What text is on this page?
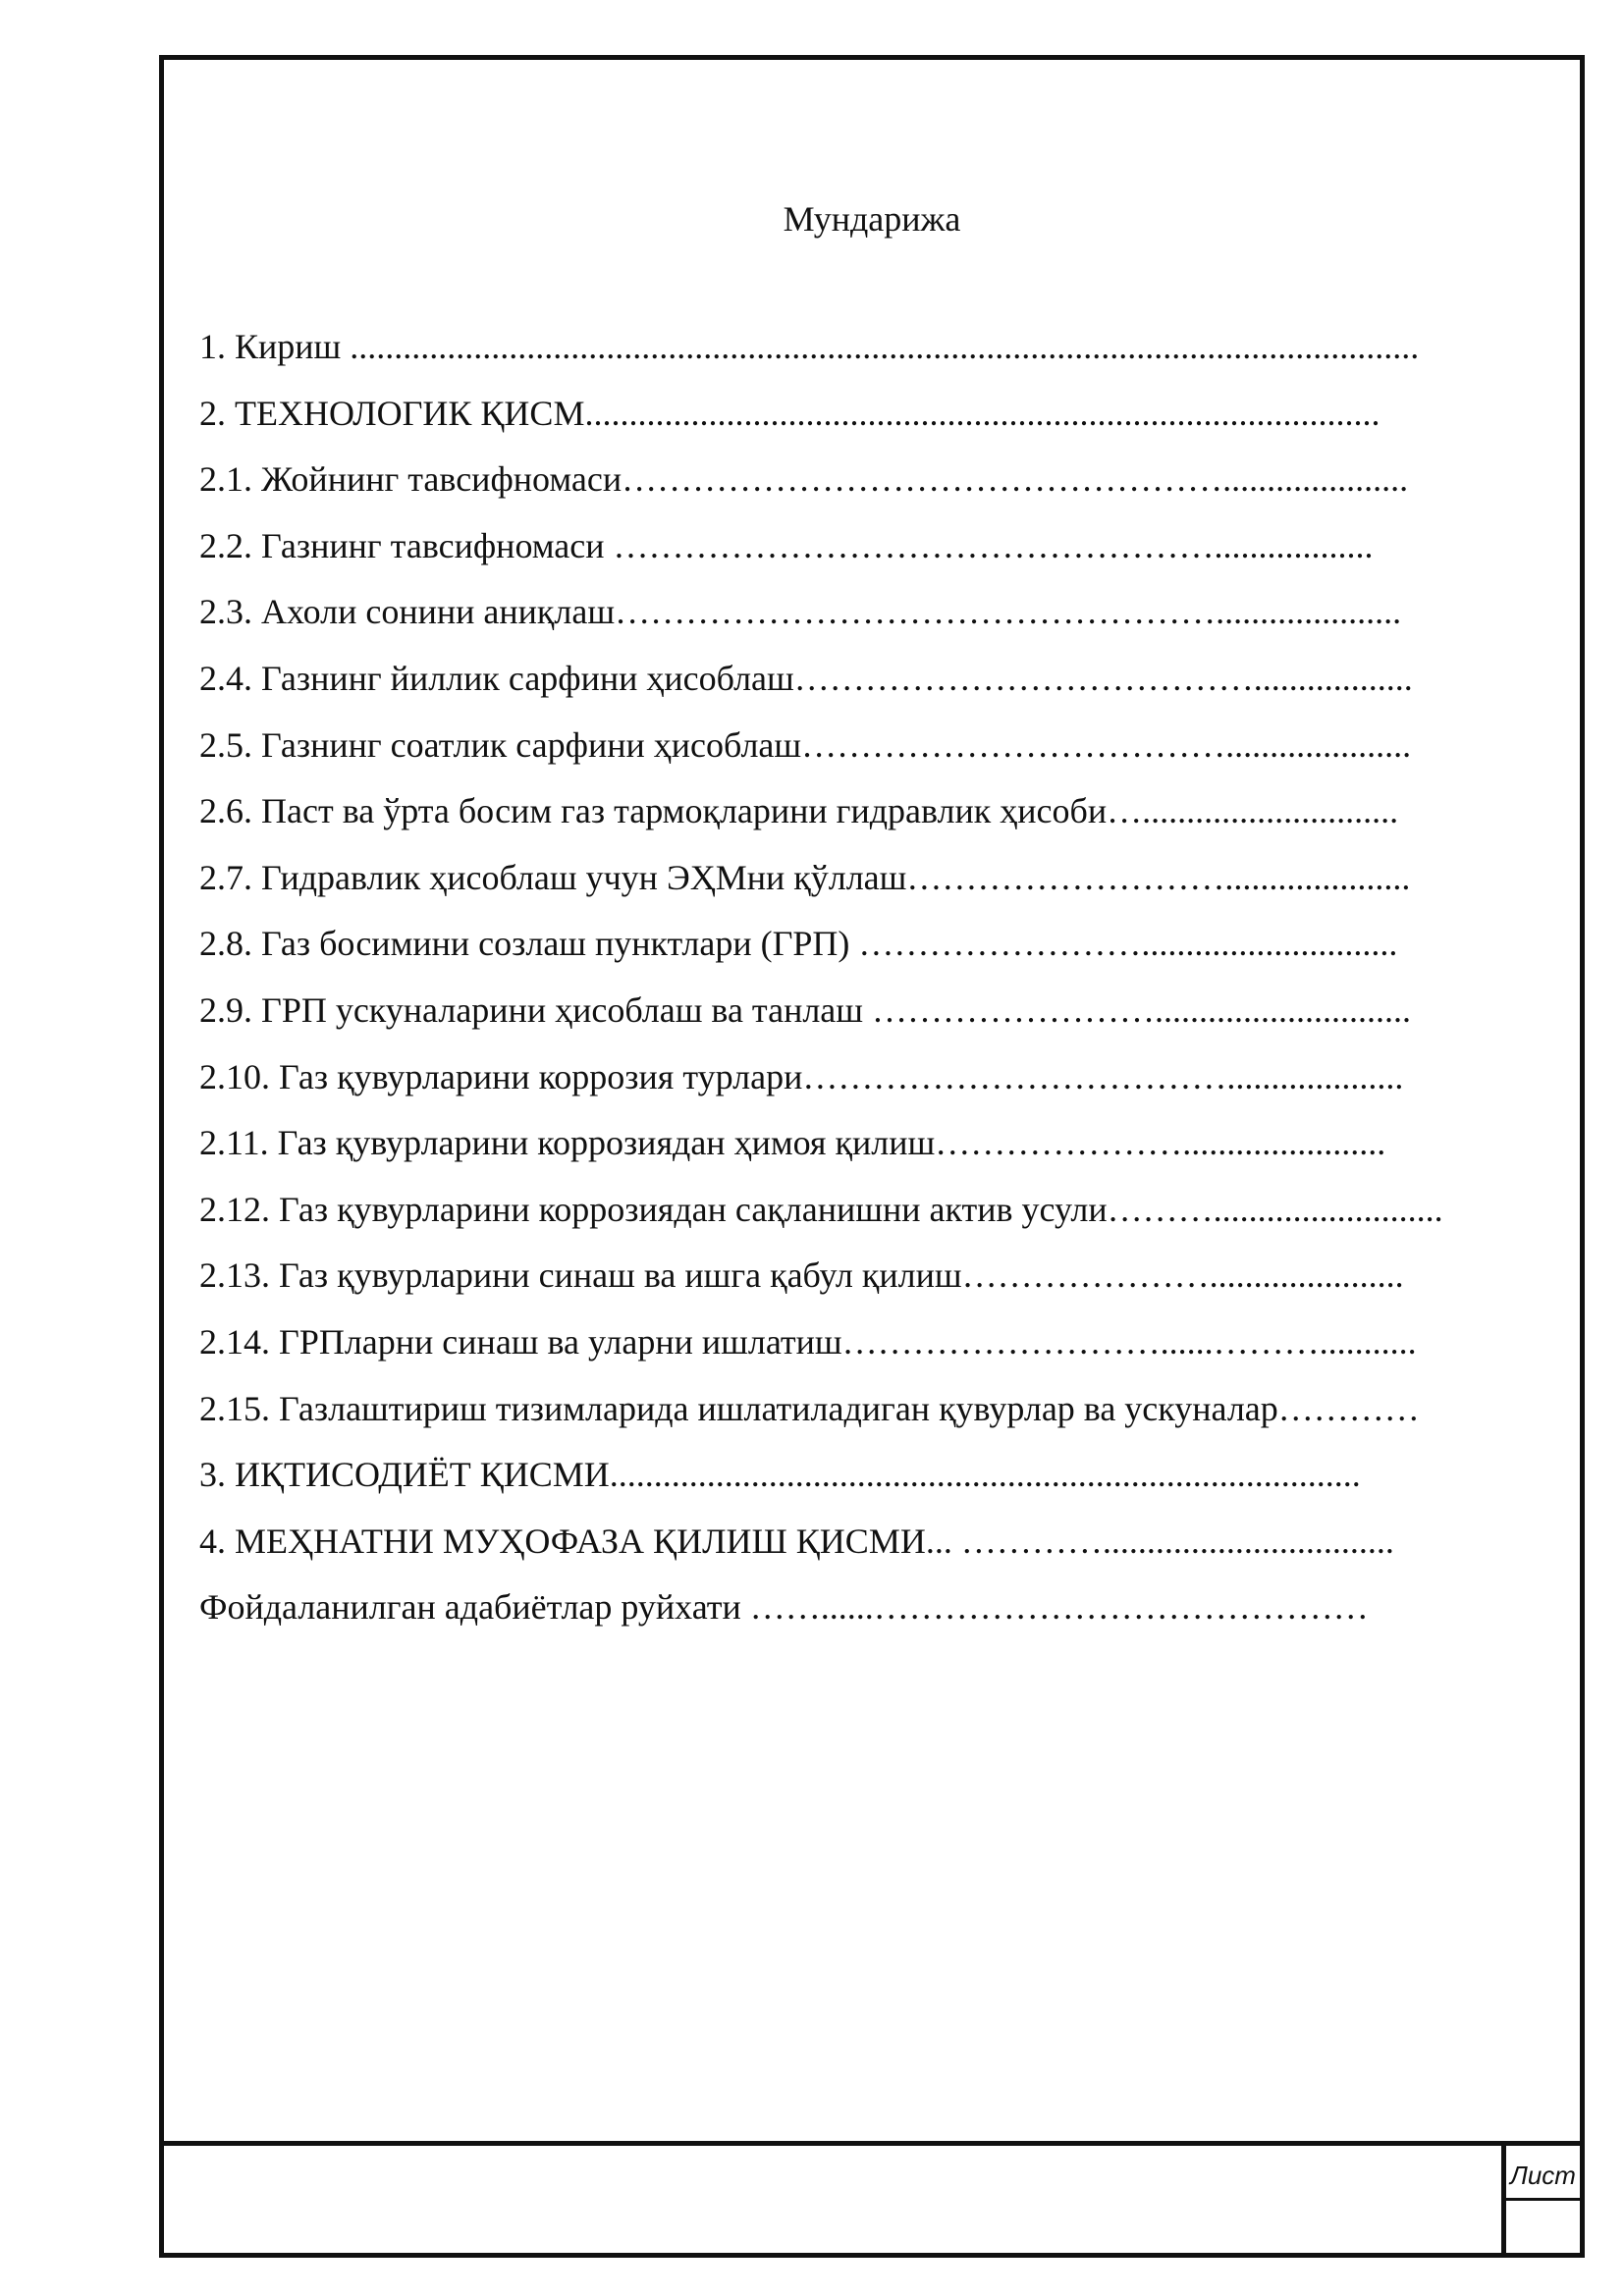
Мундарижа
1. Кириш .........................................................................................................................
2. ТЕХНОЛОГИК ҚИСМ..........................................................................................
2.1. Жойнинг тавсифномаси…………………………………………….....................
2.2. Газнинг тавсифномаси ……………………………………………..................
2.3. Ахоли сонини аниқлаш…………………………………………….....................
2.4. Газнинг йиллик сарфини ҳисоблаш…………………………………..................
2.5. Газнинг соатлик сарфини ҳисоблаш……………………………….....................
2.6. Паст ва ўрта босим газ тармоқларини гидравлик ҳисоби….............................
2.7. Гидравлик ҳисоблаш учун ЭҲМни қўллаш……………………….....................
2.8. Газ босимини созлаш пунктлари (ГРП) …………………….............................
2.9. ГРП ускуналарини ҳисоблаш ва танлаш …………………….............................
2.10. Газ қувурларини коррозия турлари………………………………....................
2.11. Газ қувурларини коррозиядан ҳимоя қилиш………………….......................
2.12. Газ қувурларини коррозиядан сақланишни актив усули………..........................
2.13. Газ қувурларини синаш ва ишга қабул қилиш…………………......................
2.14. ГРПларни синаш ва уларни ишлатиш………………………......………...........
2.15. Газлаштириш тизимларида ишлатиладиган қувурлар ва ускуналар…………
3. ИҚТИСОДИЁТ ҚИСМИ.....................................................................................
4. МЕҲНАТНИ МУҲОФАЗА ҚИЛИШ ҚИСМИ... ………….................................
Фойдаланилган адабиётлар руйхати ……......……………………………………
Лист
